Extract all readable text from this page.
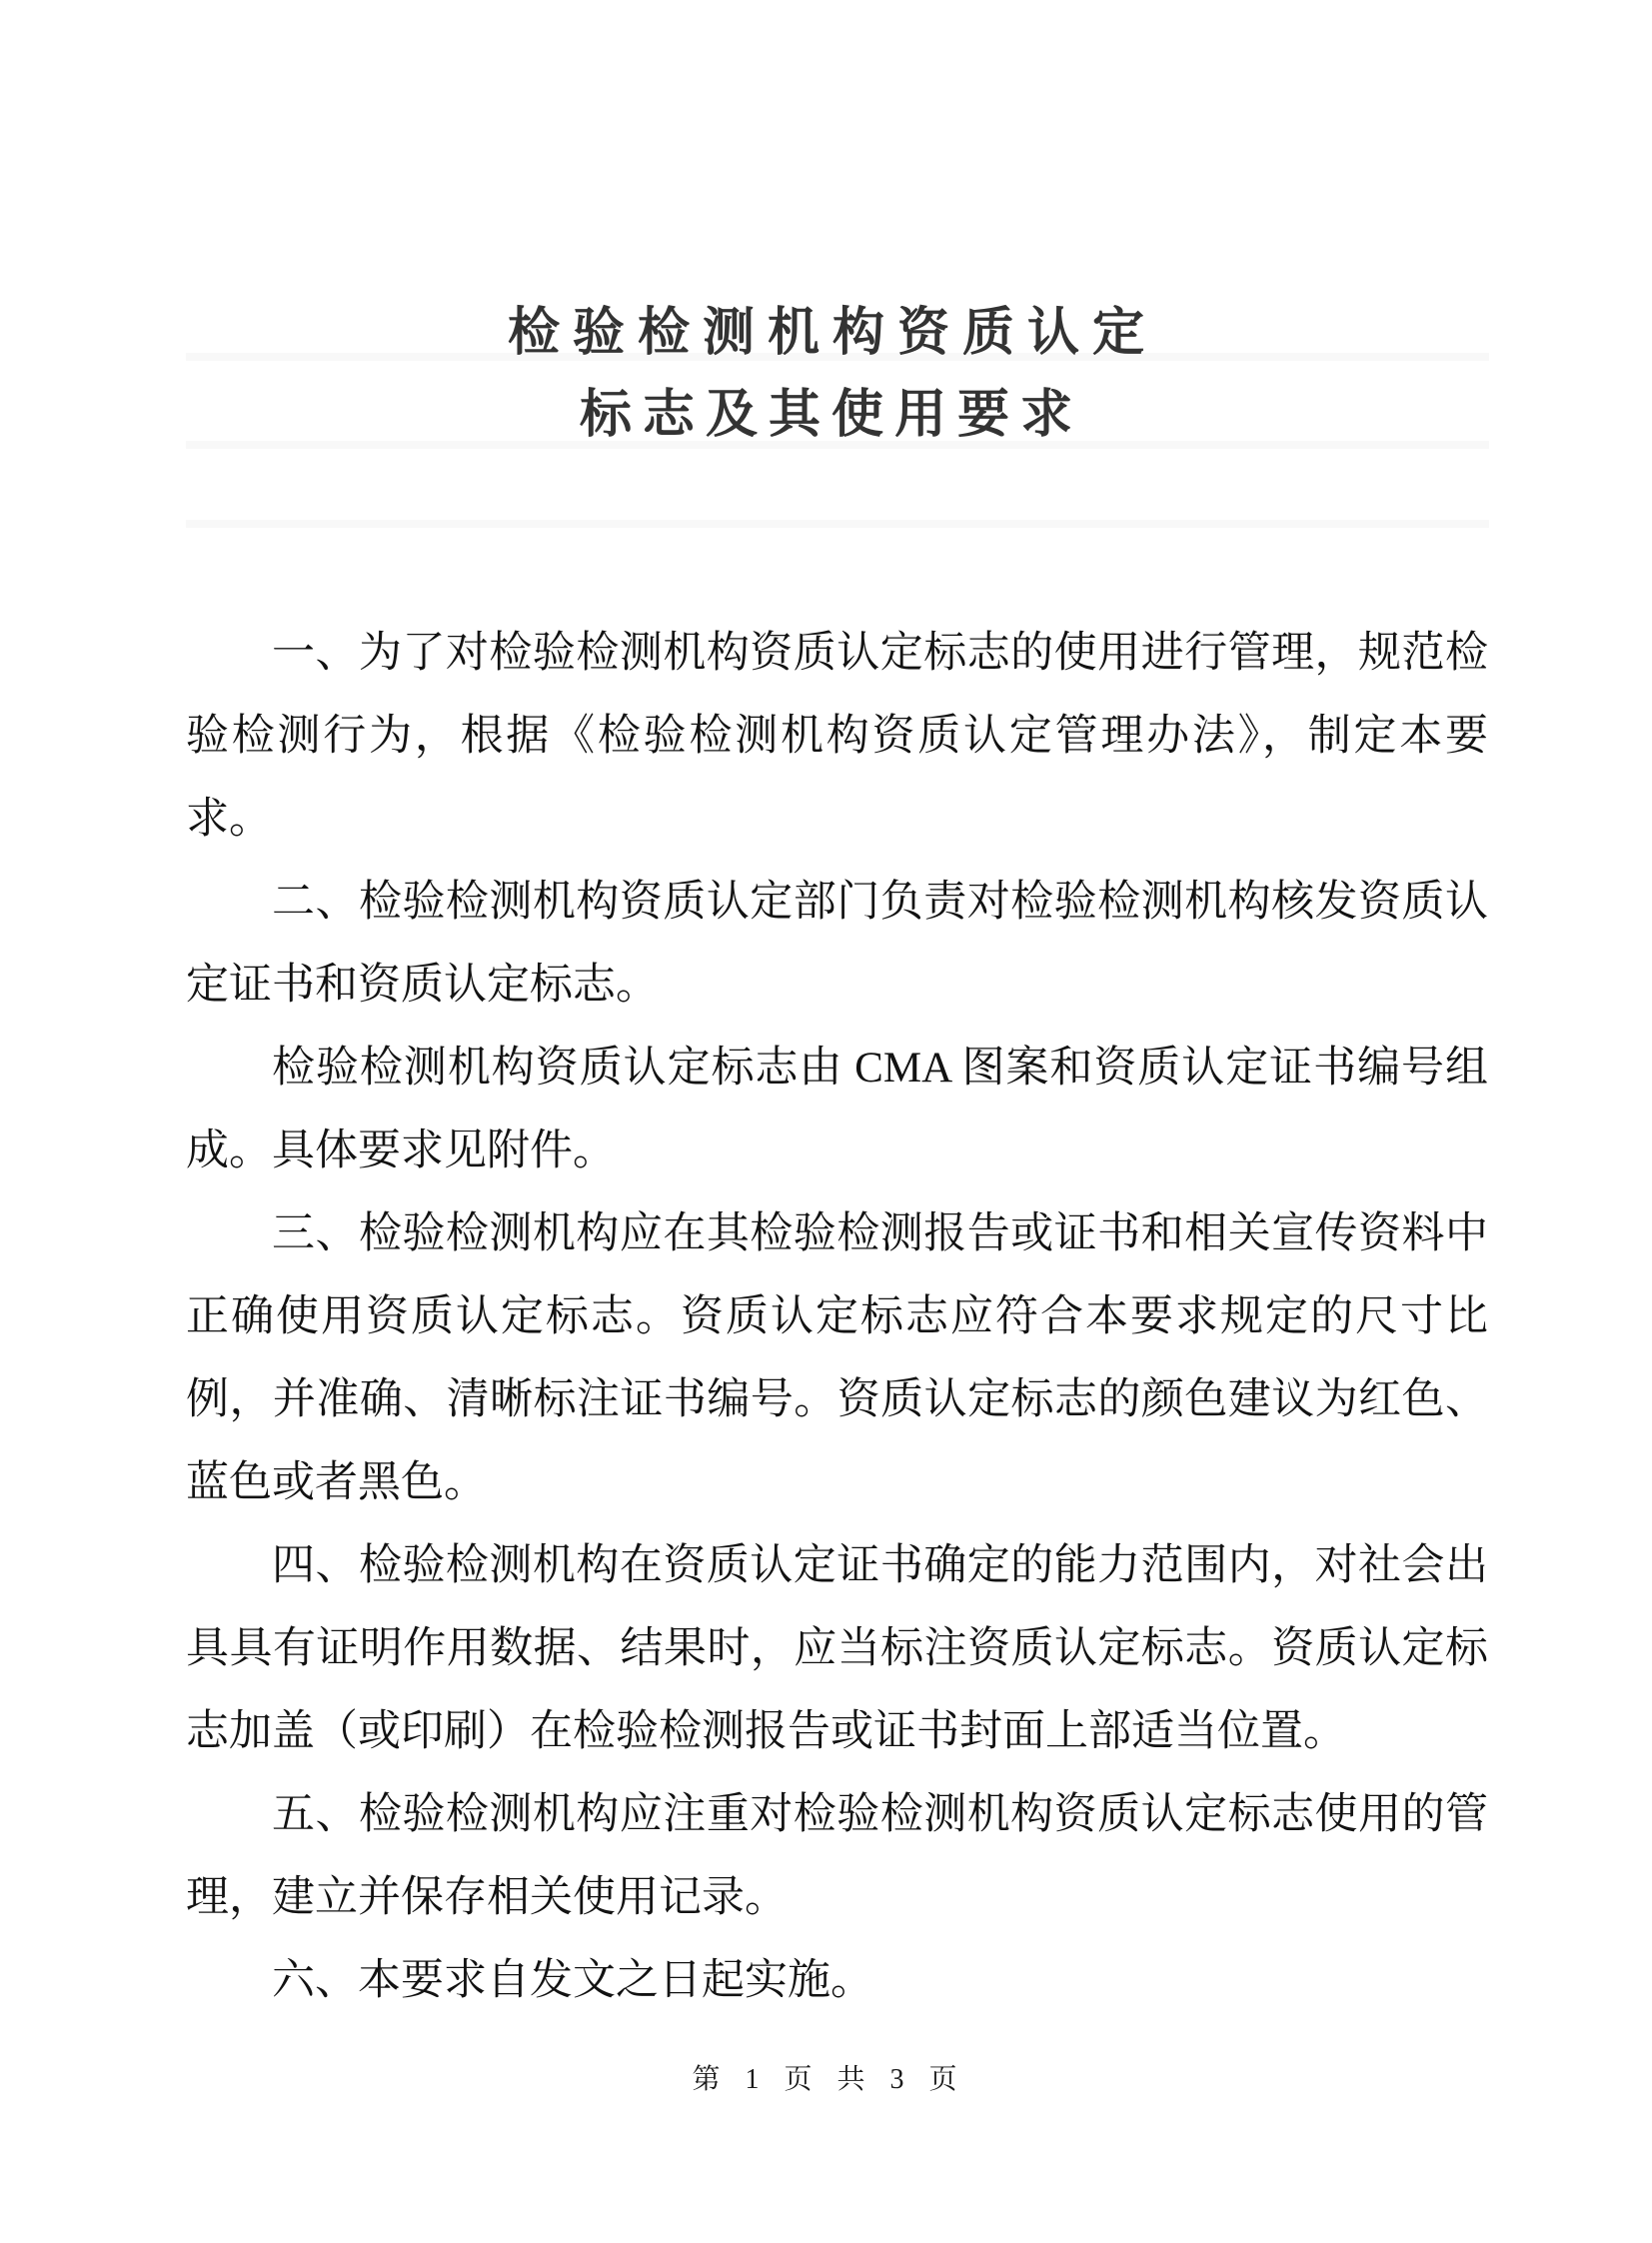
检验检测机构资质认定
标志及其使用要求

一、为了对检验检测机构资质认定标志的使用进行管理，规范检验检测行为，根据《检验检测机构资质认定管理办法》，制定本要求。

二、检验检测机构资质认定部门负责对检验检测机构核发资质认定证书和资质认定标志。

检验检测机构资质认定标志由 CMA 图案和资质认定证书编号组成。具体要求见附件。

三、检验检测机构应在其检验检测报告或证书和相关宣传资料中正确使用资质认定标志。资质认定标志应符合本要求规定的尺寸比例，并准确、清晰标注证书编号。资质认定标志的颜色建议为红色、蓝色或者黑色。

四、检验检测机构在资质认定证书确定的能力范围内，对社会出具具有证明作用数据、结果时，应当标注资质认定标志。资质认定标志加盖（或印刷）在检验检测报告或证书封面上部适当位置。

五、检验检测机构应注重对检验检测机构资质认定标志使用的管理，建立并保存相关使用记录。

六、本要求自发文之日起实施。

第 1 页 共 3 页
